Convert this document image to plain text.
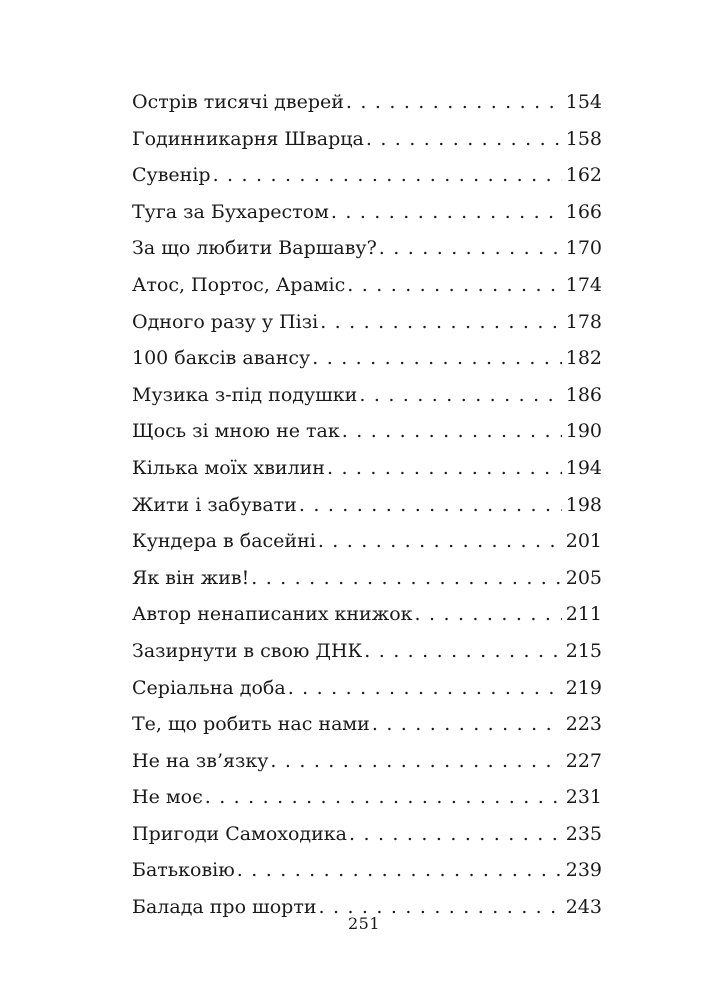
Острів тисячі дверей . . .	154
Годинникарня Шварца . . .	158
Сувенір . . .	162
Туга за Бухарестом . . .	166
За що любити Варшаву? . . .	170
Атос, Портос, Араміс . . .	174
Одного разу у Пізі . . .	178
100 баксів авансу . . .	182
Музика з-під подушки . . .	186
Щось зі мною не так . . .	190
Кілька моїх хвилин . . .	194
Жити і забувати . . .	198
Кундера в басейні . . .	201
Як він жив! . . .	205
Автор ненаписаних книжок . . .	211
Зазирнути в свою ДНК . . .	215
Серіальна доба . . .	219
Те, що робить нас нами . . .	223
Не на зв’язку . . .	227
Не моє . . .	231
Пригоди Самоходика . . .	235
Батьковію . . .	239
Балада про шорти . . .	243
251
